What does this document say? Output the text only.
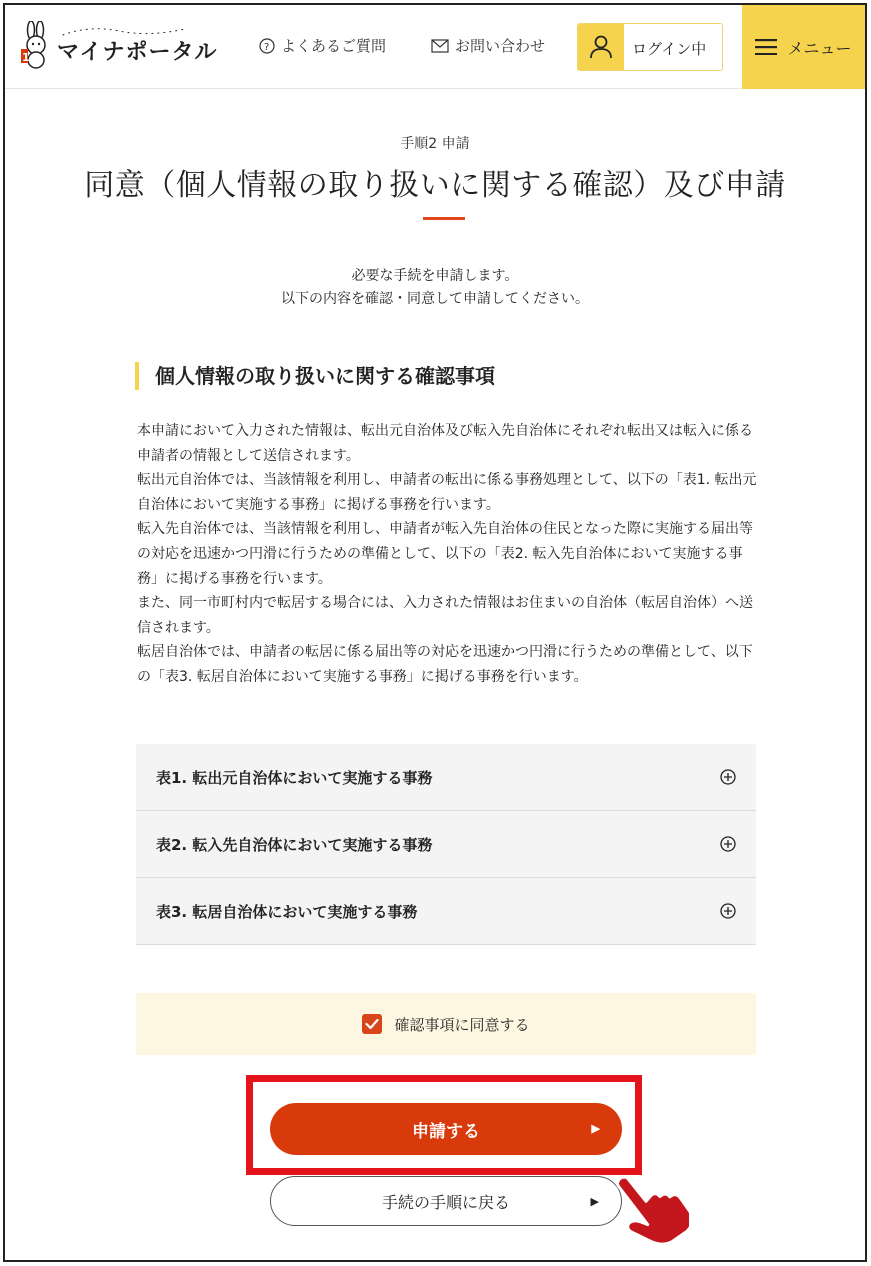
1 マイナポータル	? よくあるご質問	お問い合わせ	ログイン中	メニュー
手順2 申請
同意（個人情報の取り扱いに関する確認）及び申請
必要な手続を申請します。
以下の内容を確認・同意して申請してください。
個人情報の取り扱いに関する確認事項

本申請において入力された情報は、転出元自治体及び転入先自治体にそれぞれ転出又は転入に係る申請者の情報として送信されます。

転出元自治体では、当該情報を利用し、申請者の転出に係る事務処理として、以下の「表1. 転出元自治体において実施する事務」に掲げる事務を行います。

転入先自治体では、当該情報を利用し、申請者が転入先自治体の住民となった際に実施する届出等の対応を迅速かつ円滑に行うための準備として、以下の「表2. 転入先自治体において実施する事務」に掲げる事務を行います。

また、同一市町村内で転居する場合には、入力された情報はお住まいの自治体（転居自治体）へ送信されます。

転居自治体では、申請者の転居に係る届出等の対応を迅速かつ円滑に行うための準備として、以下の「表3. 転居自治体において実施する事務」に掲げる事務を行います。

表1. 転出元自治体において実施する事務
表2. 転入先自治体において実施する事務
表3. 転居自治体において実施する事務
確認事項に同意する
申請する	▶
手続の手順に戻る	▶
